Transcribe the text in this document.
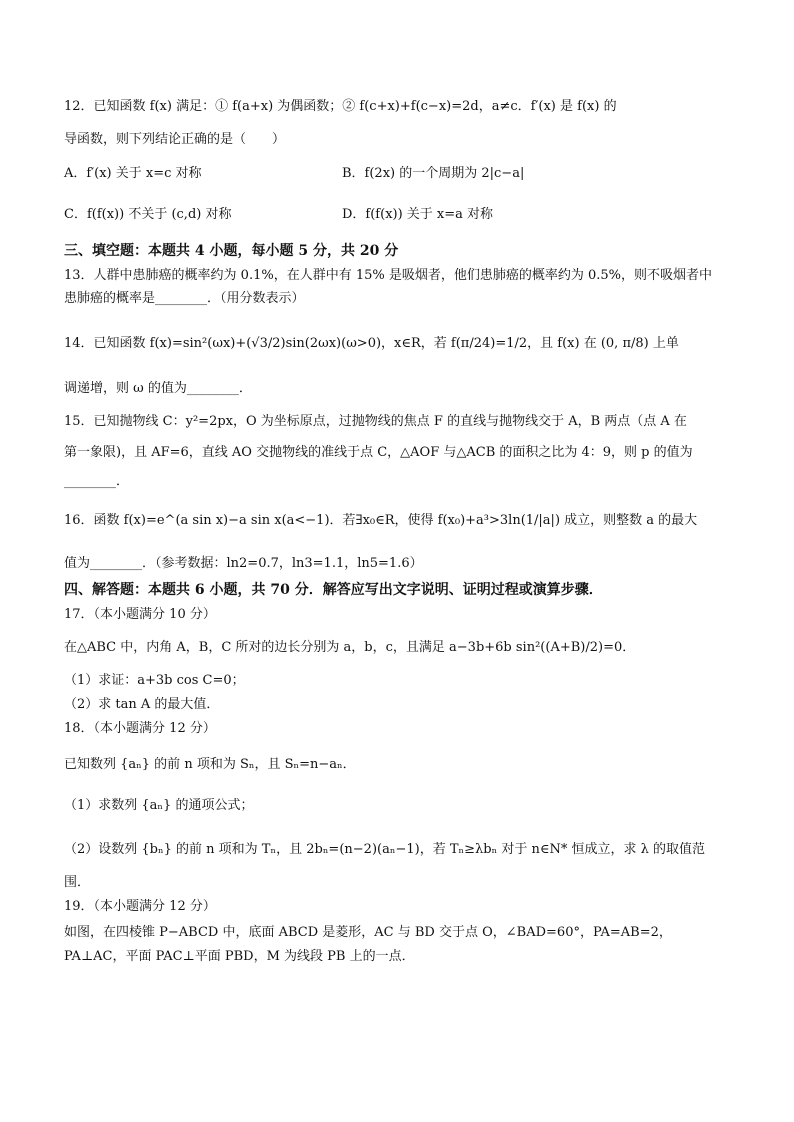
12．已知函数 f(x) 满足：① f(a+x) 为偶函数；② f(c+x)+f(c−x)=2d，a≠c．f′(x) 是 f(x) 的
导函数，则下列结论正确的是（　　）
A．f′(x) 关于 x=c 对称	B．f(2x) 的一个周期为 2|c−a|
C．f(f(x)) 不关于 (c,d) 对称	D．f(f(x)) 关于 x=a 对称
三、填空题：本题共 4 小题，每小题 5 分，共 20 分
13．人群中患肺癌的概率约为 0.1%，在人群中有 15% 是吸烟者，他们患肺癌的概率约为 0.5%，则不吸烟者中
患肺癌的概率是________．（用分数表示）
14．已知函数 f(x)=sin²(ωx)+(√3/2)sin(2ωx)(ω>0)，x∈R，若 f(π/24)=1/2，且 f(x) 在 (0, π/8) 上单
调递增，则 ω 的值为________．
15．已知抛物线 C：y²=2px，O 为坐标原点，过抛物线的焦点 F 的直线与抛物线交于 A，B 两点（点 A 在
第一象限)，且 AF=6，直线 AO 交抛物线的准线于点 C，△AOF 与△ACB 的面积之比为 4：9，则 p 的值为
________．
16．函数 f(x)=e^(a sin x)−a sin x(a<−1)．若∃x₀∈R，使得 f(x₀)+a³>3ln(1/|a|) 成立，则整数 a 的最大
值为________．（参考数据：ln2=0.7，ln3=1.1，ln5=1.6）
四、解答题：本题共 6 小题，共 70 分．解答应写出文字说明、证明过程或演算步骤．
17．（本小题满分 10 分）
在△ABC 中，内角 A，B，C 所对的边长分别为 a，b，c，且满足 a−3b+6b sin²((A+B)/2)=0．
（1）求证：a+3b cos C=0；
（2）求 tan A 的最大值．
18．（本小题满分 12 分）
已知数列 {aₙ} 的前 n 项和为 Sₙ，且 Sₙ=n−aₙ．
（1）求数列 {aₙ} 的通项公式；
（2）设数列 {bₙ} 的前 n 项和为 Tₙ，且 2bₙ=(n−2)(aₙ−1)，若 Tₙ≥λbₙ 对于 n∈N* 恒成立，求 λ 的取值范
围．
19．（本小题满分 12 分）
如图，在四棱锥 P−ABCD 中，底面 ABCD 是菱形，AC 与 BD 交于点 O，∠BAD=60°，PA=AB=2，
PA⊥AC，平面 PAC⊥平面 PBD，M 为线段 PB 上的一点．
